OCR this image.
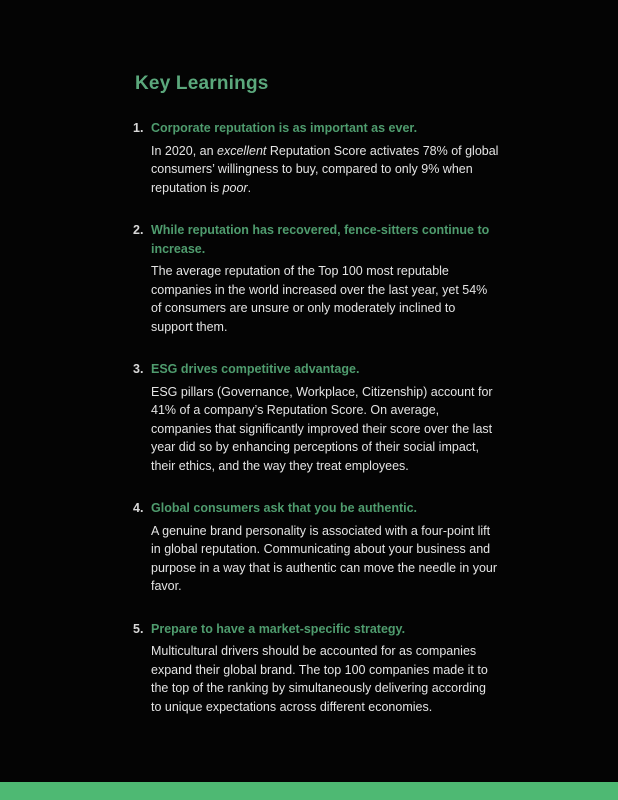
Key Learnings
1. Corporate reputation is as important as ever.

In 2020, an excellent Reputation Score activates 78% of global consumers’ willingness to buy, compared to only 9% when reputation is poor.

2. While reputation has recovered, fence-sitters continue to increase.

The average reputation of the Top 100 most reputable companies in the world increased over the last year, yet 54% of consumers are unsure or only moderately inclined to support them.

3. ESG drives competitive advantage.

ESG pillars (Governance, Workplace, Citizenship) account for 41% of a company’s Reputation Score. On average, companies that significantly improved their score over the last year did so by enhancing perceptions of their social impact, their ethics, and the way they treat employees.

4. Global consumers ask that you be authentic.

A genuine brand personality is associated with a four-point lift in global reputation. Communicating about your business and purpose in a way that is authentic can move the needle in your favor.

5. Prepare to have a market-specific strategy.

Multicultural drivers should be accounted for as companies expand their global brand. The top 100 companies made it to the top of the ranking by simultaneously delivering according to unique expectations across different economies.
